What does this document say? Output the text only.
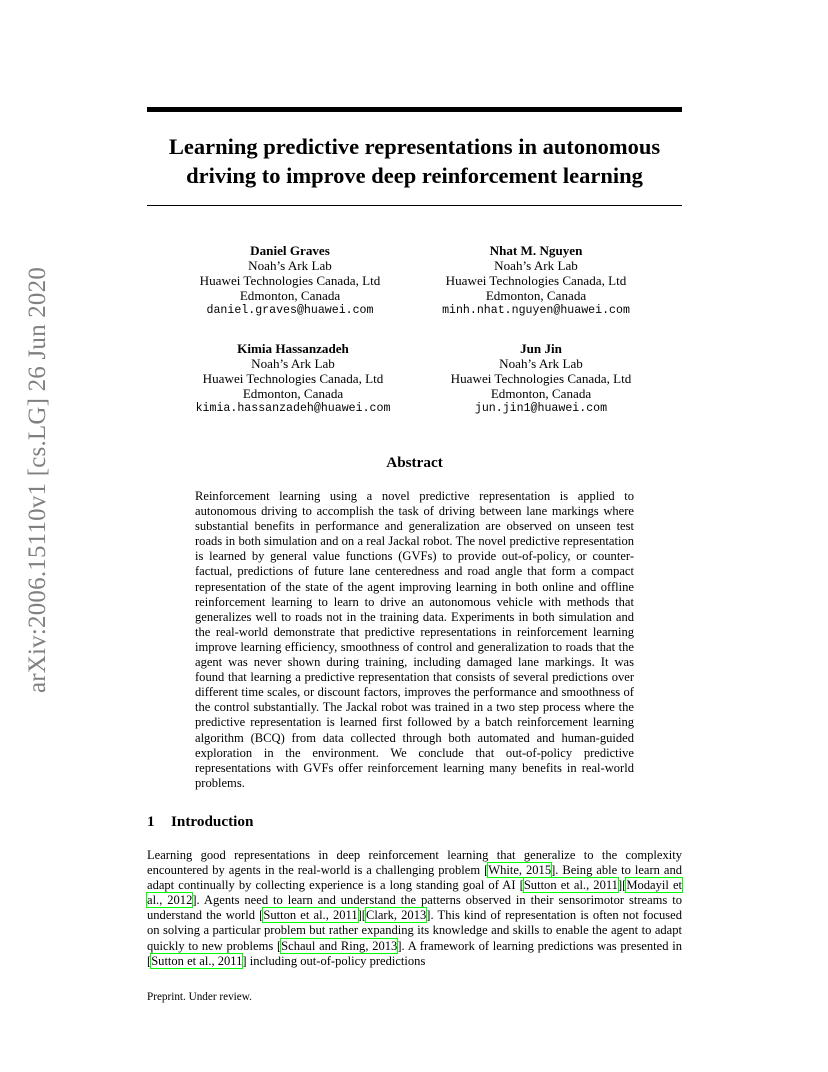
arXiv:2006.15110v1 [cs.LG] 26 Jun 2020
Learning predictive representations in autonomous
driving to improve deep reinforcement learning
Daniel Graves
Noah’s Ark Lab
Huawei Technologies Canada, Ltd
Edmonton, Canada
daniel.graves@huawei.com
Nhat M. Nguyen
Noah’s Ark Lab
Huawei Technologies Canada, Ltd
Edmonton, Canada
minh.nhat.nguyen@huawei.com
Kimia Hassanzadeh
Noah’s Ark Lab
Huawei Technologies Canada, Ltd
Edmonton, Canada
kimia.hassanzadeh@huawei.com
Jun Jin
Noah’s Ark Lab
Huawei Technologies Canada, Ltd
Edmonton, Canada
jun.jin1@huawei.com
Abstract
Reinforcement learning using a novel predictive representation is applied to autonomous driving to accomplish the task of driving between lane markings where substantial benefits in performance and generalization are observed on unseen test roads in both simulation and on a real Jackal robot. The novel predictive representation is learned by general value functions (GVFs) to provide out-of-policy, or counter-factual, predictions of future lane centeredness and road angle that form a compact representation of the state of the agent improving learning in both online and offline reinforcement learning to learn to drive an autonomous vehicle with methods that generalizes well to roads not in the training data. Experiments in both simulation and the real-world demonstrate that predictive representations in reinforcement learning improve learning efficiency, smoothness of control and generalization to roads that the agent was never shown during training, including damaged lane markings. It was found that learning a predictive representation that consists of several predictions over different time scales, or discount factors, improves the performance and smoothness of the control substantially. The Jackal robot was trained in a two step process where the predictive representation is learned first followed by a batch reinforcement learning algorithm (BCQ) from data collected through both automated and human-guided exploration in the environment. We conclude that out-of-policy predictive representations with GVFs offer reinforcement learning many benefits in real-world problems.
1 Introduction
Learning good representations in deep reinforcement learning that generalize to the complexity encountered by agents in the real-world is a challenging problem [White, 2015]. Being able to learn and adapt continually by collecting experience is a long standing goal of AI [Sutton et al., 2011][Modayil et al., 2012]. Agents need to learn and understand the patterns observed in their sensorimotor streams to understand the world [Sutton et al., 2011][Clark, 2013]. This kind of representation is often not focused on solving a particular problem but rather expanding its knowledge and skills to enable the agent to adapt quickly to new problems [Schaul and Ring, 2013]. A framework of learning predictions was presented in [Sutton et al., 2011] including out-of-policy predictions
Preprint. Under review.
